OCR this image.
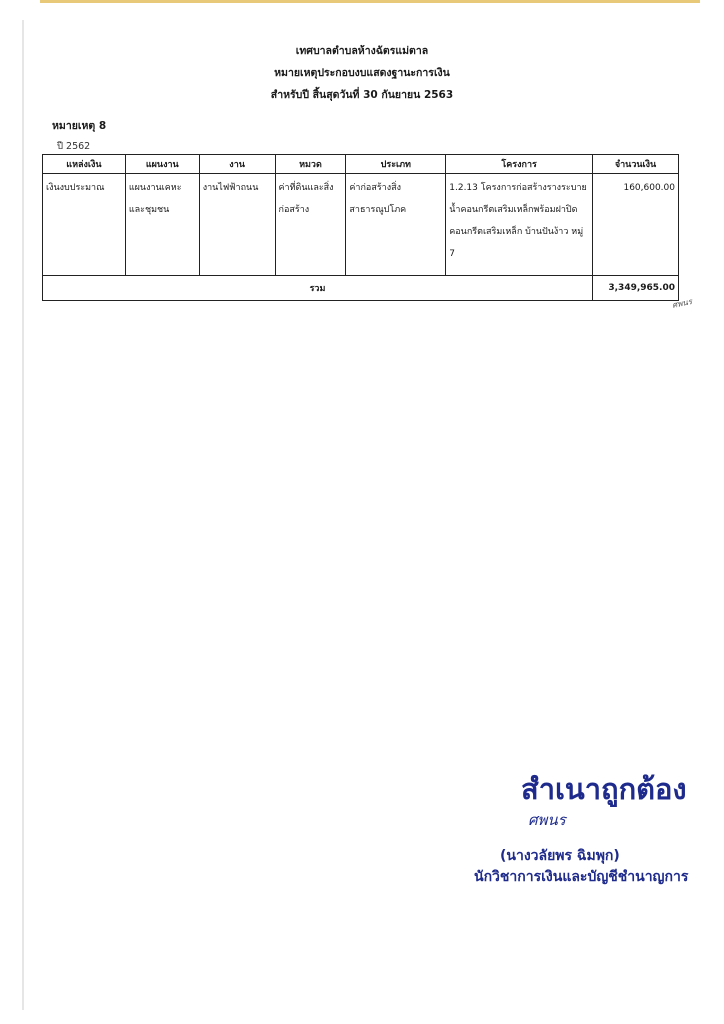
เทศบาลตำบลห้างฉัตรแม่ตาล
หมายเหตุประกอบงบแสดงฐานะการเงิน
สำหรับปี สิ้นสุดวันที่ 30 กันยายน 2563
หมายเหตุ 8
ปี 2562
แหล่งเงิน	แผนงาน	งาน	หมวด	ประเภท	โครงการ	จำนวนเงิน
เงินงบประมาณ	แผนงานเคหะและชุมชน	งานไฟฟ้าถนน	ค่าที่ดินและสิ่งก่อสร้าง	ค่าก่อสร้างสิ่งสาธารณูปโภค	1.2.13 โครงการก่อสร้างรางระบายน้ำคอนกรีตเสริมเหล็กพร้อมฝาปิดคอนกรีตเสริมเหล็ก บ้านปันง้าว หมู่ 7	160,600.00
รวม						3,349,965.00
ศพนร
สำเนาถูกต้อง
ศพนร
(นางวลัยพร ฉิมพุก)
นักวิชาการเงินและบัญชีชำนาญการ
